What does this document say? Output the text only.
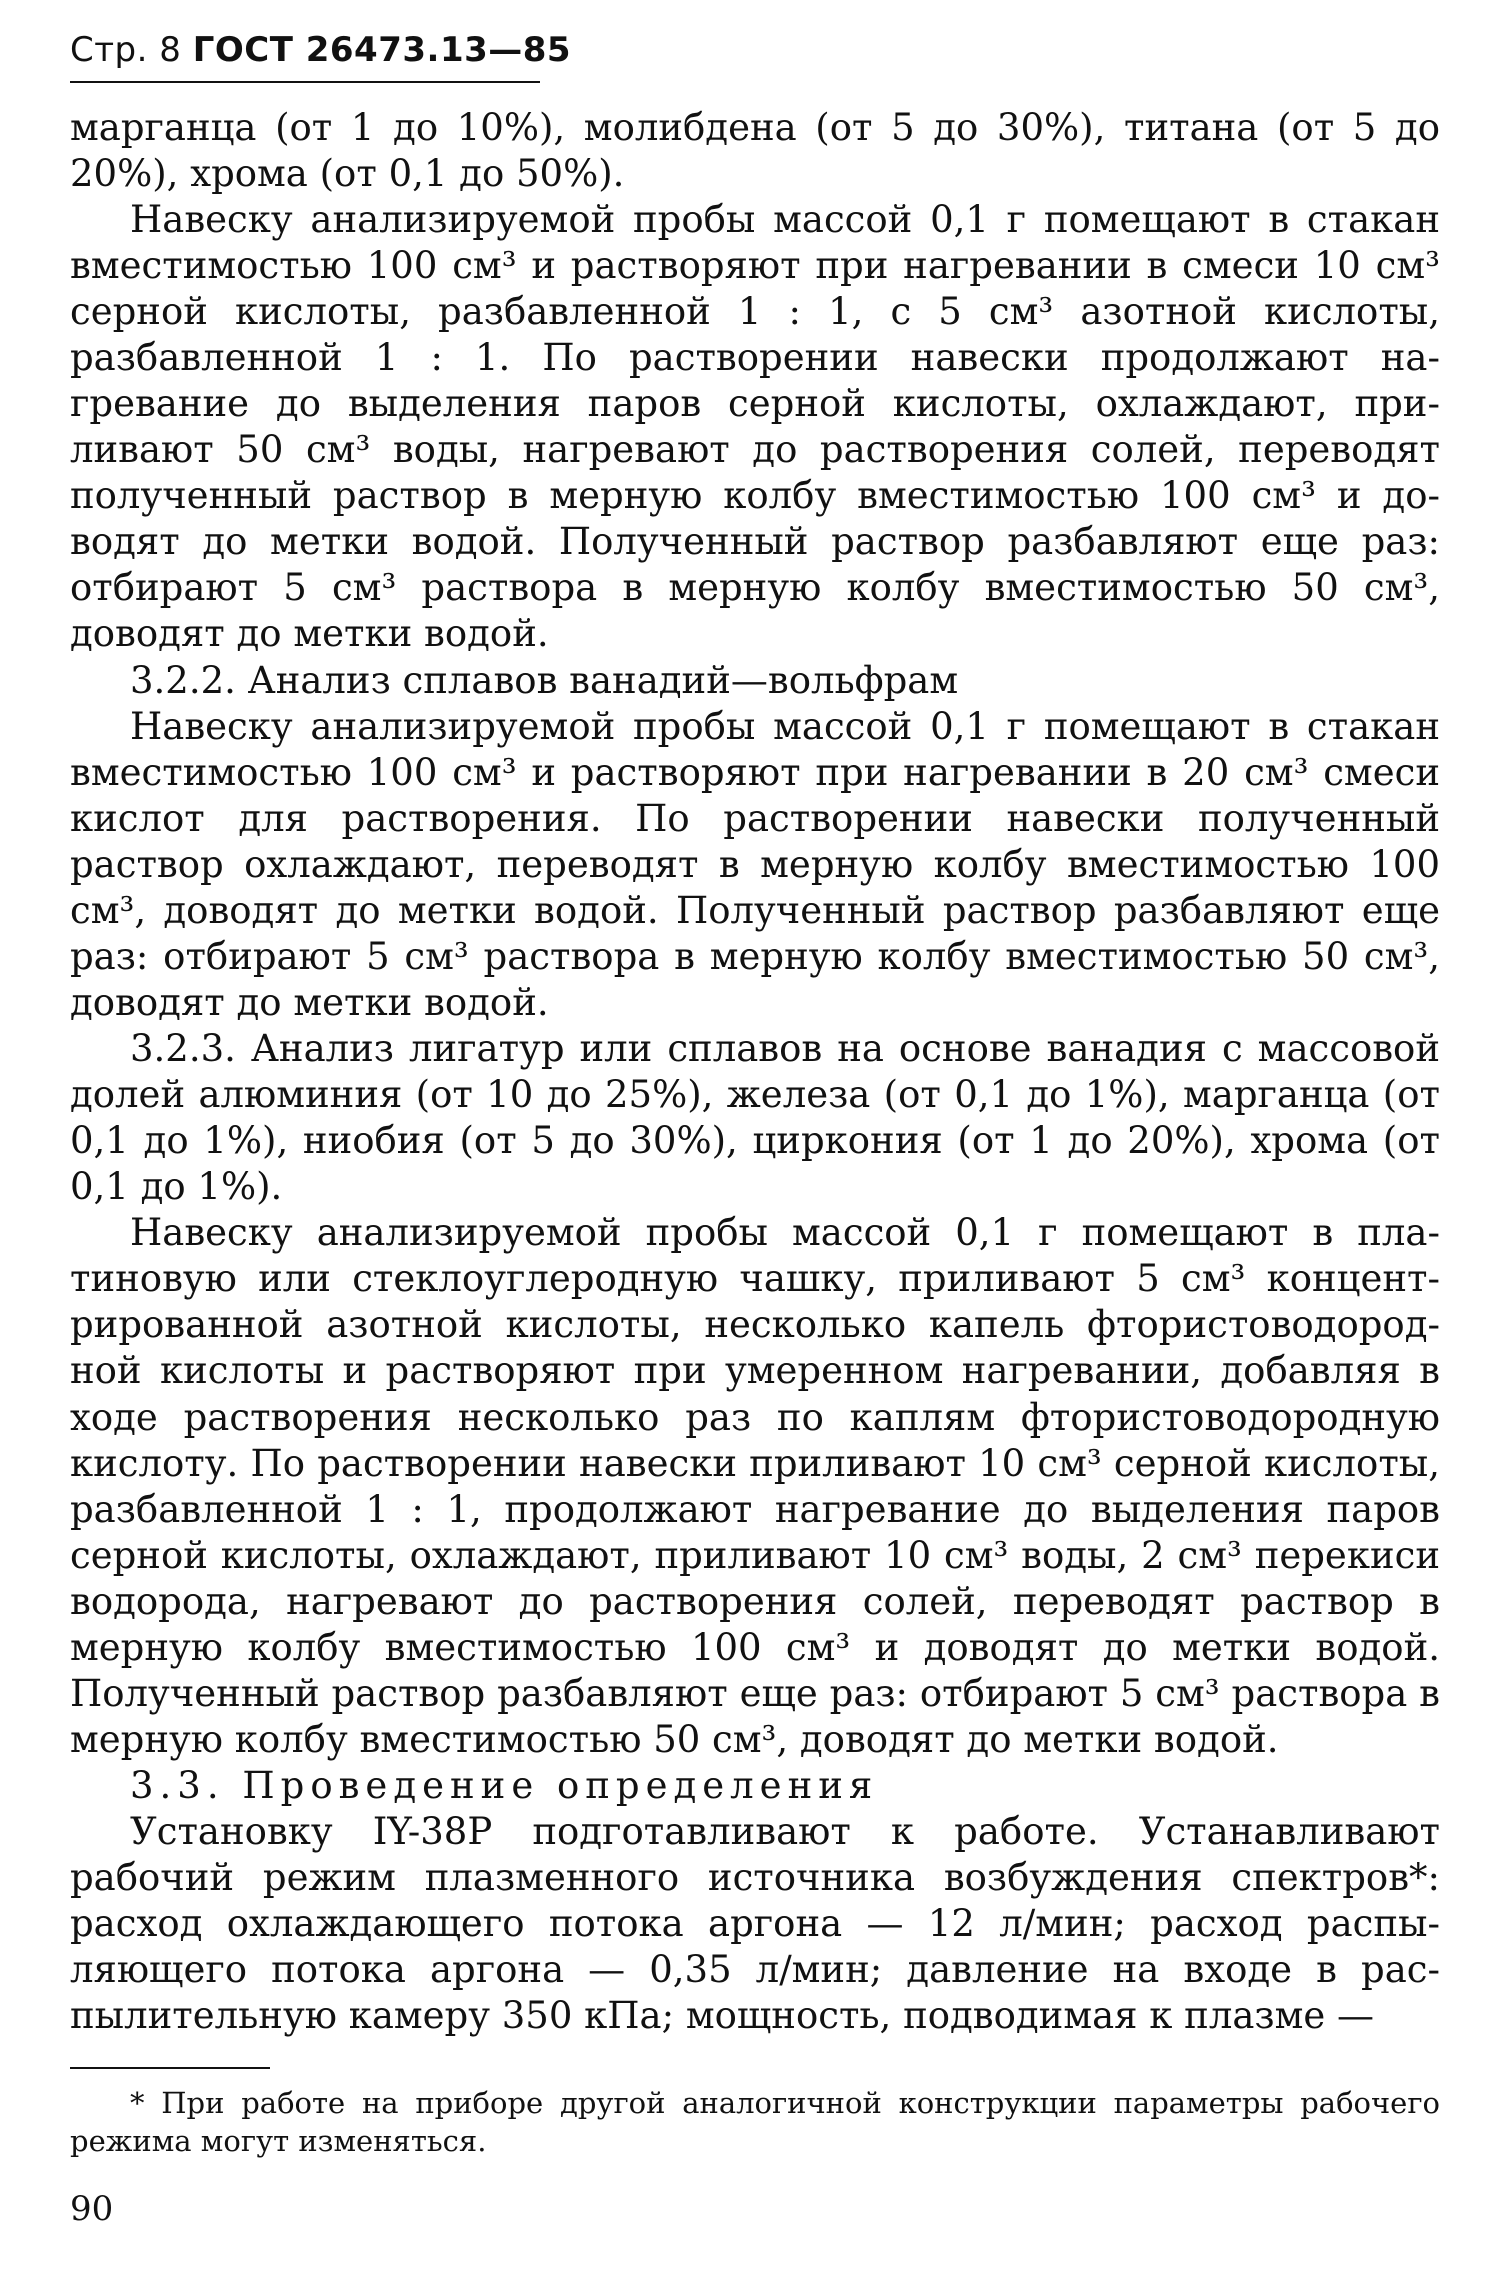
Стр. 8 ГОСТ 26473.13—85

марганца (от 1 до 10%), молибдена (от 5 до 30%), титана (от 5 до 20%), хрома (от 0,1 до 50%).

Навеску анализируемой пробы массой 0,1 г помещают в стакан вместимостью 100 см³ и растворяют при нагревании в смеси 10 см³ серной кислоты, разбавленной 1 : 1, с 5 см³ азотной кислоты, разбавленной 1 : 1. По растворении навески продолжают нагревание до выделения паров серной кислоты, охлаждают, приливают 50 см³ воды, нагревают до растворения солей, переводят полученный раствор в мерную колбу вместимостью 100 см³ и доводят до метки водой. Полученный раствор разбавляют еще раз: отбирают 5 см³ раствора в мерную колбу вместимостью 50 см³, доводят до метки водой.

3.2.2. Анализ сплавов ванадий—вольфрам

Навеску анализируемой пробы массой 0,1 г помещают в стакан вместимостью 100 см³ и растворяют при нагревании в 20 см³ смеси кислот для растворения. По растворении навески полученный раствор охлаждают, переводят в мерную колбу вместимостью 100 см³, доводят до метки водой. Полученный раствор разбавляют еще раз: отбирают 5 см³ раствора в мерную колбу вместимостью 50 см³, доводят до метки водой.

3.2.3. Анализ лигатур или сплавов на основе ванадия с массовой долей алюминия (от 10 до 25%), железа (от 0,1 до 1%), марганца (от 0,1 до 1%), ниобия (от 5 до 30%), циркония (от 1 до 20%), хрома (от 0,1 до 1%).

Навеску анализируемой пробы массой 0,1 г помещают в платиновую или стеклоуглеродную чашку, приливают 5 см³ концентрированной азотной кислоты, несколько капель фтористоводородной кислоты и растворяют при умеренном нагревании, добавляя в ходе растворения несколько раз по каплям фтористоводородную кислоту. По растворении навески приливают 10 см³ серной кислоты, разбавленной 1 : 1, продолжают нагревание до выделения паров серной кислоты, охлаждают, приливают 10 см³ воды, 2 см³ перекиси водорода, нагревают до растворения солей, переводят раствор в мерную колбу вместимостью 100 см³ и доводят до метки водой. Полученный раствор разбавляют еще раз: отбирают 5 см³ раствора в мерную колбу вместимостью 50 см³, доводят до метки водой.

3.3. Проведение определения

Установку IY-38P подготавливают к работе. Устанавливают рабочий режим плазменного источника возбуждения спектров*: расход охлаждающего потока аргона — 12 л/мин; расход распыляющего потока аргона — 0,35 л/мин; давление на входе в распылительную камеру 350 кПа; мощность, подводимая к плазме —

* При работе на приборе другой аналогичной конструкции параметры рабочего режима могут изменяться.

90
